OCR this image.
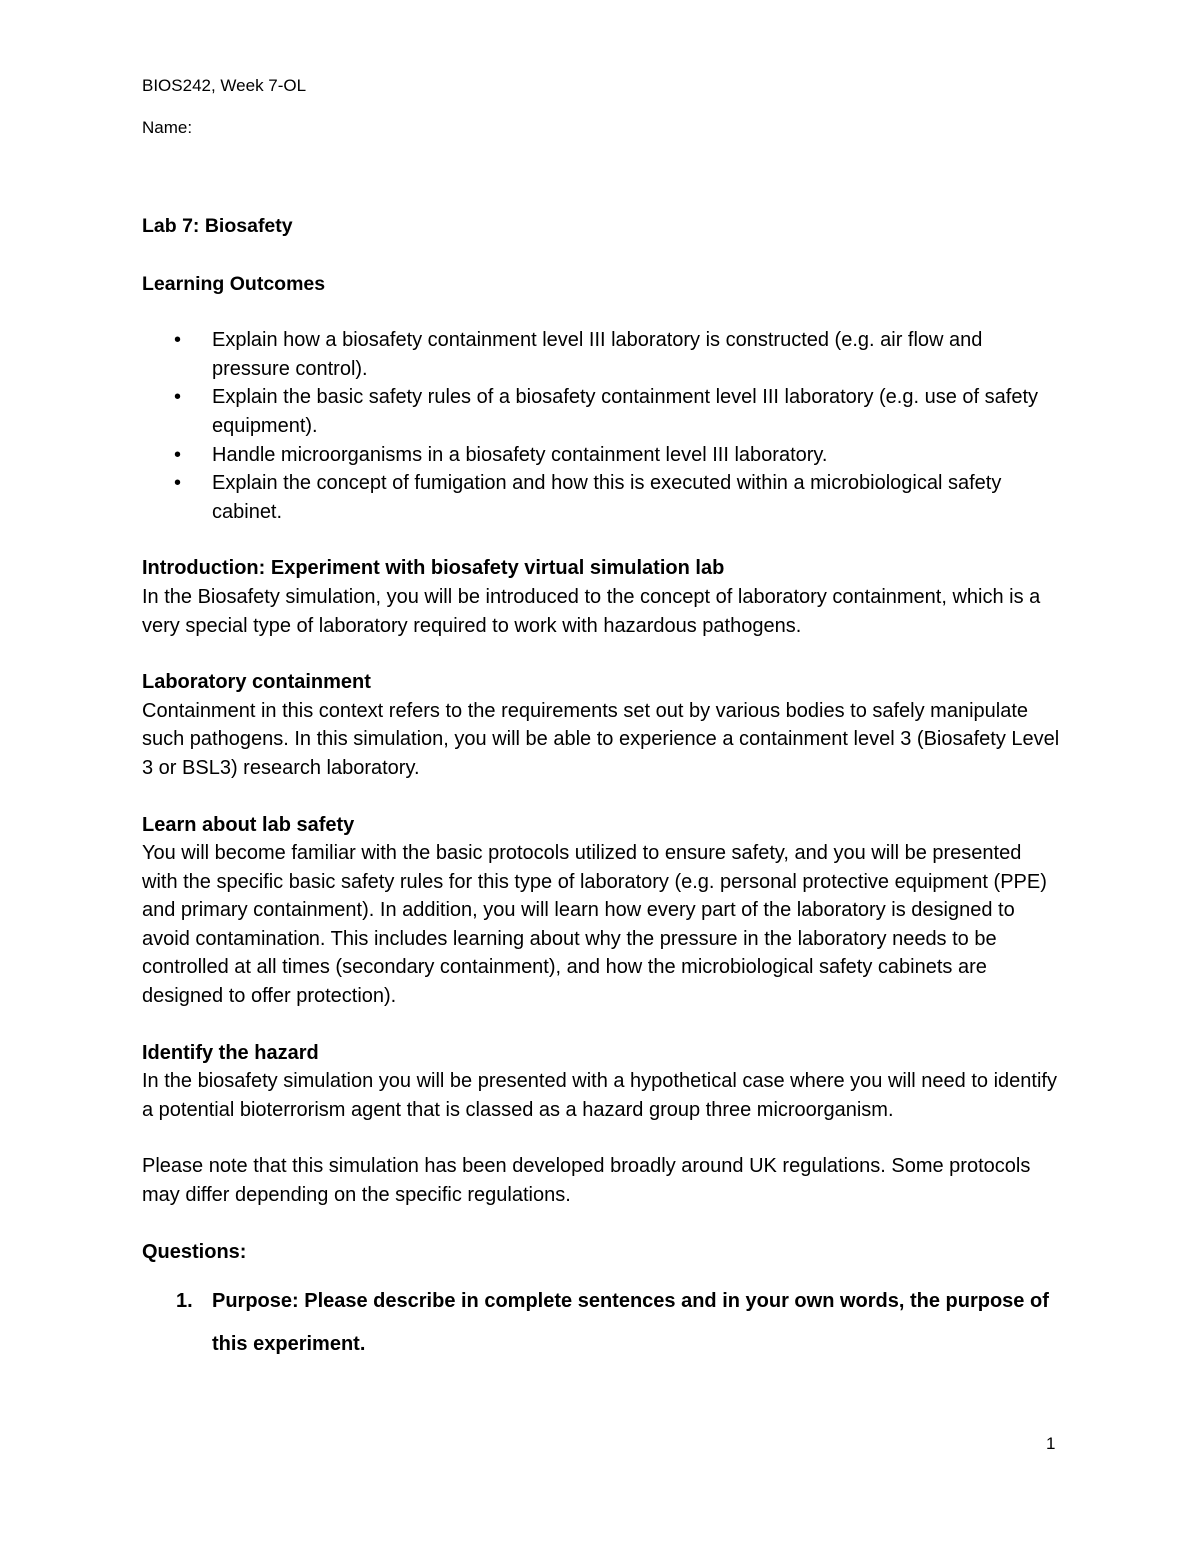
BIOS242, Week 7-OL
Name:
Lab 7: Biosafety
Learning Outcomes
• Explain how a biosafety containment level III laboratory is constructed (e.g. air flow and pressure control).
• Explain the basic safety rules of a biosafety containment level III laboratory (e.g. use of safety equipment).
• Handle microorganisms in a biosafety containment level III laboratory.
• Explain the concept of fumigation and how this is executed within a microbiological safety cabinet.
Introduction: Experiment with biosafety virtual simulation lab

In the Biosafety simulation, you will be introduced to the concept of laboratory containment, which is a very special type of laboratory required to work with hazardous pathogens.

Laboratory containment

Containment in this context refers to the requirements set out by various bodies to safely manipulate such pathogens. In this simulation, you will be able to experience a containment level 3 (Biosafety Level 3 or BSL3) research laboratory.

Learn about lab safety

You will become familiar with the basic protocols utilized to ensure safety, and you will be presented with the specific basic safety rules for this type of laboratory (e.g. personal protective equipment (PPE) and primary containment). In addition, you will learn how every part of the laboratory is designed to avoid contamination. This includes learning about why the pressure in the laboratory needs to be controlled at all times (secondary containment), and how the microbiological safety cabinets are designed to offer protection).

Identify the hazard

In the biosafety simulation you will be presented with a hypothetical case where you will need to identify a potential bioterrorism agent that is classed as a hazard group three microorganism.

Please note that this simulation has been developed broadly around UK regulations. Some protocols may differ depending on the specific regulations.

Questions:
1. Purpose: Please describe in complete sentences and in your own words, the purpose of this experiment.
1
